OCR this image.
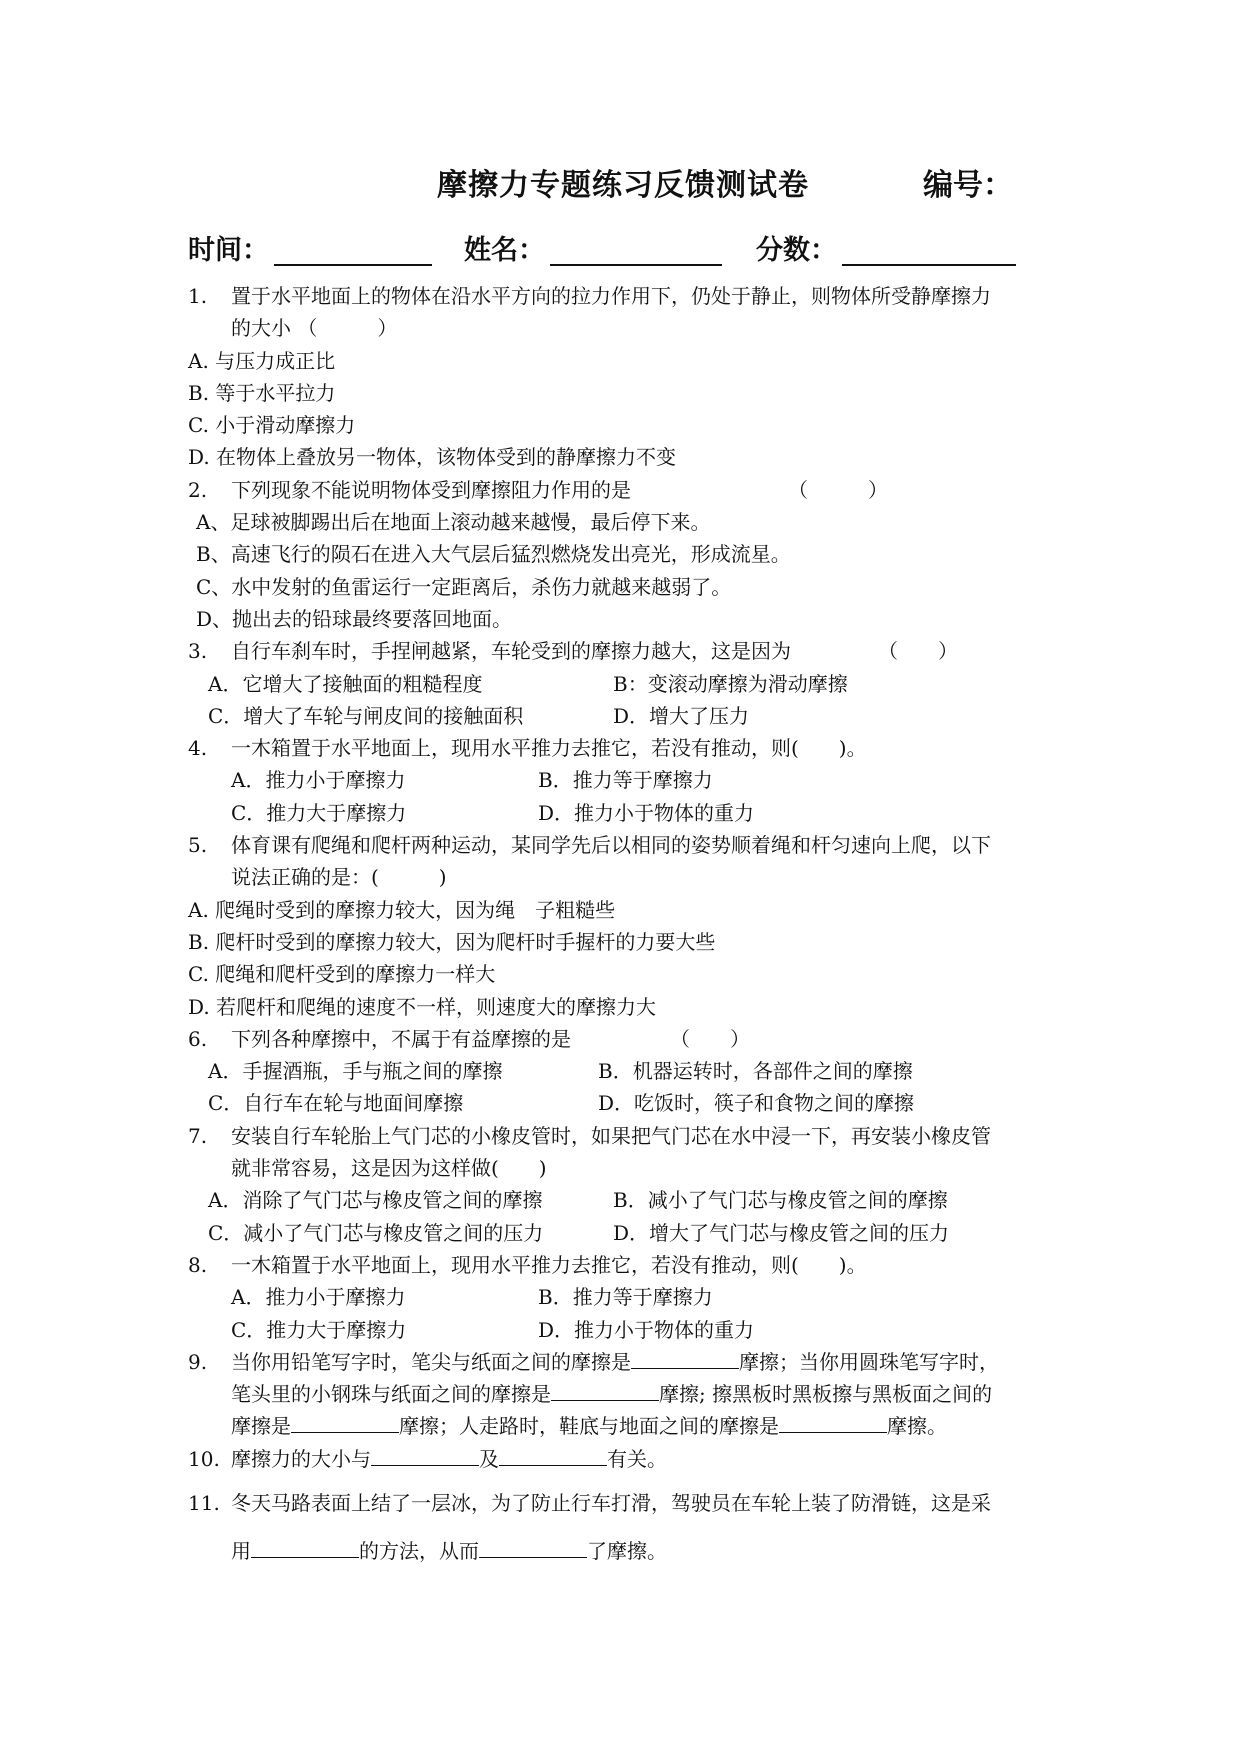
摩擦力专题练习反馈测试卷	编号：
时间：	姓名：	分数：
1. 置于水平地面上的物体在沿水平方向的拉力作用下，仍处于静止，则物体所受静摩擦力
的大小 （　　　）
A. 与压力成正比
B. 等于水平拉力
C. 小于滑动摩擦力
D. 在物体上叠放另一物体，该物体受到的静摩擦力不变
2. 下列现象不能说明物体受到摩擦阻力作用的是	（　　　）
A、足球被脚踢出后在地面上滚动越来越慢，最后停下来。
B、高速飞行的陨石在进入大气层后猛烈燃烧发出亮光，形成流星。
C、水中发射的鱼雷运行一定距离后，杀伤力就越来越弱了。
D、抛出去的铅球最终要落回地面。
3. 自行车刹车时，手捏闸越紧，车轮受到的摩擦力越大，这是因为	（　　）
A．它增大了接触面的粗糙程度	B：变滚动摩擦为滑动摩擦
C．增大了车轮与闸皮间的接触面积	D．增大了压力
4. 一木箱置于水平地面上，现用水平推力去推它，若没有推动，则(　　)。
A．推力小于摩擦力	B．推力等于摩擦力
C．推力大于摩擦力	D．推力小于物体的重力
5. 体育课有爬绳和爬杆两种运动，某同学先后以相同的姿势顺着绳和杆匀速向上爬，以下
说法正确的是：(　　　)
A. 爬绳时受到的摩擦力较大，因为绳　子粗糙些
B. 爬杆时受到的摩擦力较大，因为爬杆时手握杆的力要大些
C. 爬绳和爬杆受到的摩擦力一样大
D. 若爬杆和爬绳的速度不一样，则速度大的摩擦力大
6. 下列各种摩擦中，不属于有益摩擦的是	（　　）
A．手握酒瓶，手与瓶之间的摩擦	B．机器运转时，各部件之间的摩擦
C．自行车在轮与地面间摩擦	D．吃饭时，筷子和食物之间的摩擦
7. 安装自行车轮胎上气门芯的小橡皮管时，如果把气门芯在水中浸一下，再安装小橡皮管
就非常容易，这是因为这样做(　　)
A．消除了气门芯与橡皮管之间的摩擦	B．减小了气门芯与橡皮管之间的摩擦
C．减小了气门芯与橡皮管之间的压力	D．增大了气门芯与橡皮管之间的压力
8. 一木箱置于水平地面上，现用水平推力去推它，若没有推动，则(　　)。
A．推力小于摩擦力	B．推力等于摩擦力
C．推力大于摩擦力	D．推力小于物体的重力
9. 当你用铅笔写字时，笔尖与纸面之间的摩擦是	摩擦；当你用圆珠笔写字时，
笔头里的小钢珠与纸面之间的摩擦是	摩擦; 擦黑板时黑板擦与黑板面之间的
摩擦是	摩擦；人走路时，鞋底与地面之间的摩擦是	摩擦。
10. 摩擦力的大小与	及	有关。
11. 冬天马路表面上结了一层冰，为了防止行车打滑，驾驶员在车轮上装了防滑链，这是采
用	的方法，从而	了摩擦。
